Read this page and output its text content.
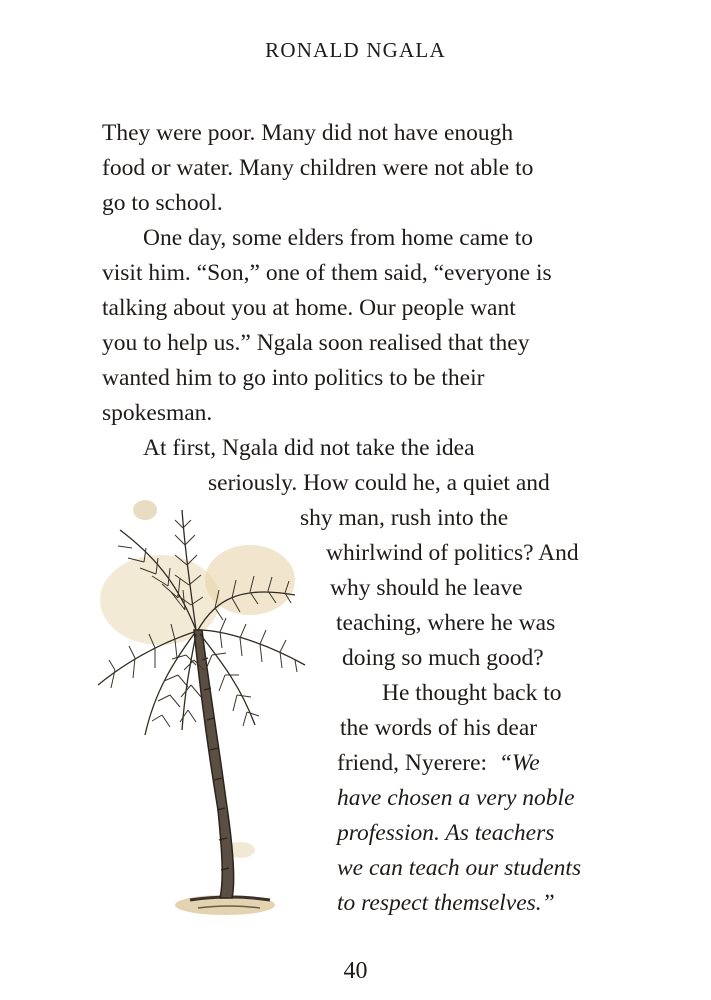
RONALD NGALA
They were poor. Many did not have enough
food or water. Many children were not able to
go to school.
One day, some elders from home came to
visit him. “Son,” one of them said, “everyone is
talking about you at home. Our people want
you to help us.” Ngala soon realised that they
wanted him to go into politics to be their
spokesman.
At first, Ngala did not take the idea
seriously. How could he, a quiet and
shy man, rush into the
whirlwind of politics? And
why should he leave
teaching, where he was
doing so much good?
He thought back to
the words of his dear
friend, Nyerere: “We
have chosen a very noble
profession. As teachers
we can teach our students
to respect themselves.”
40
